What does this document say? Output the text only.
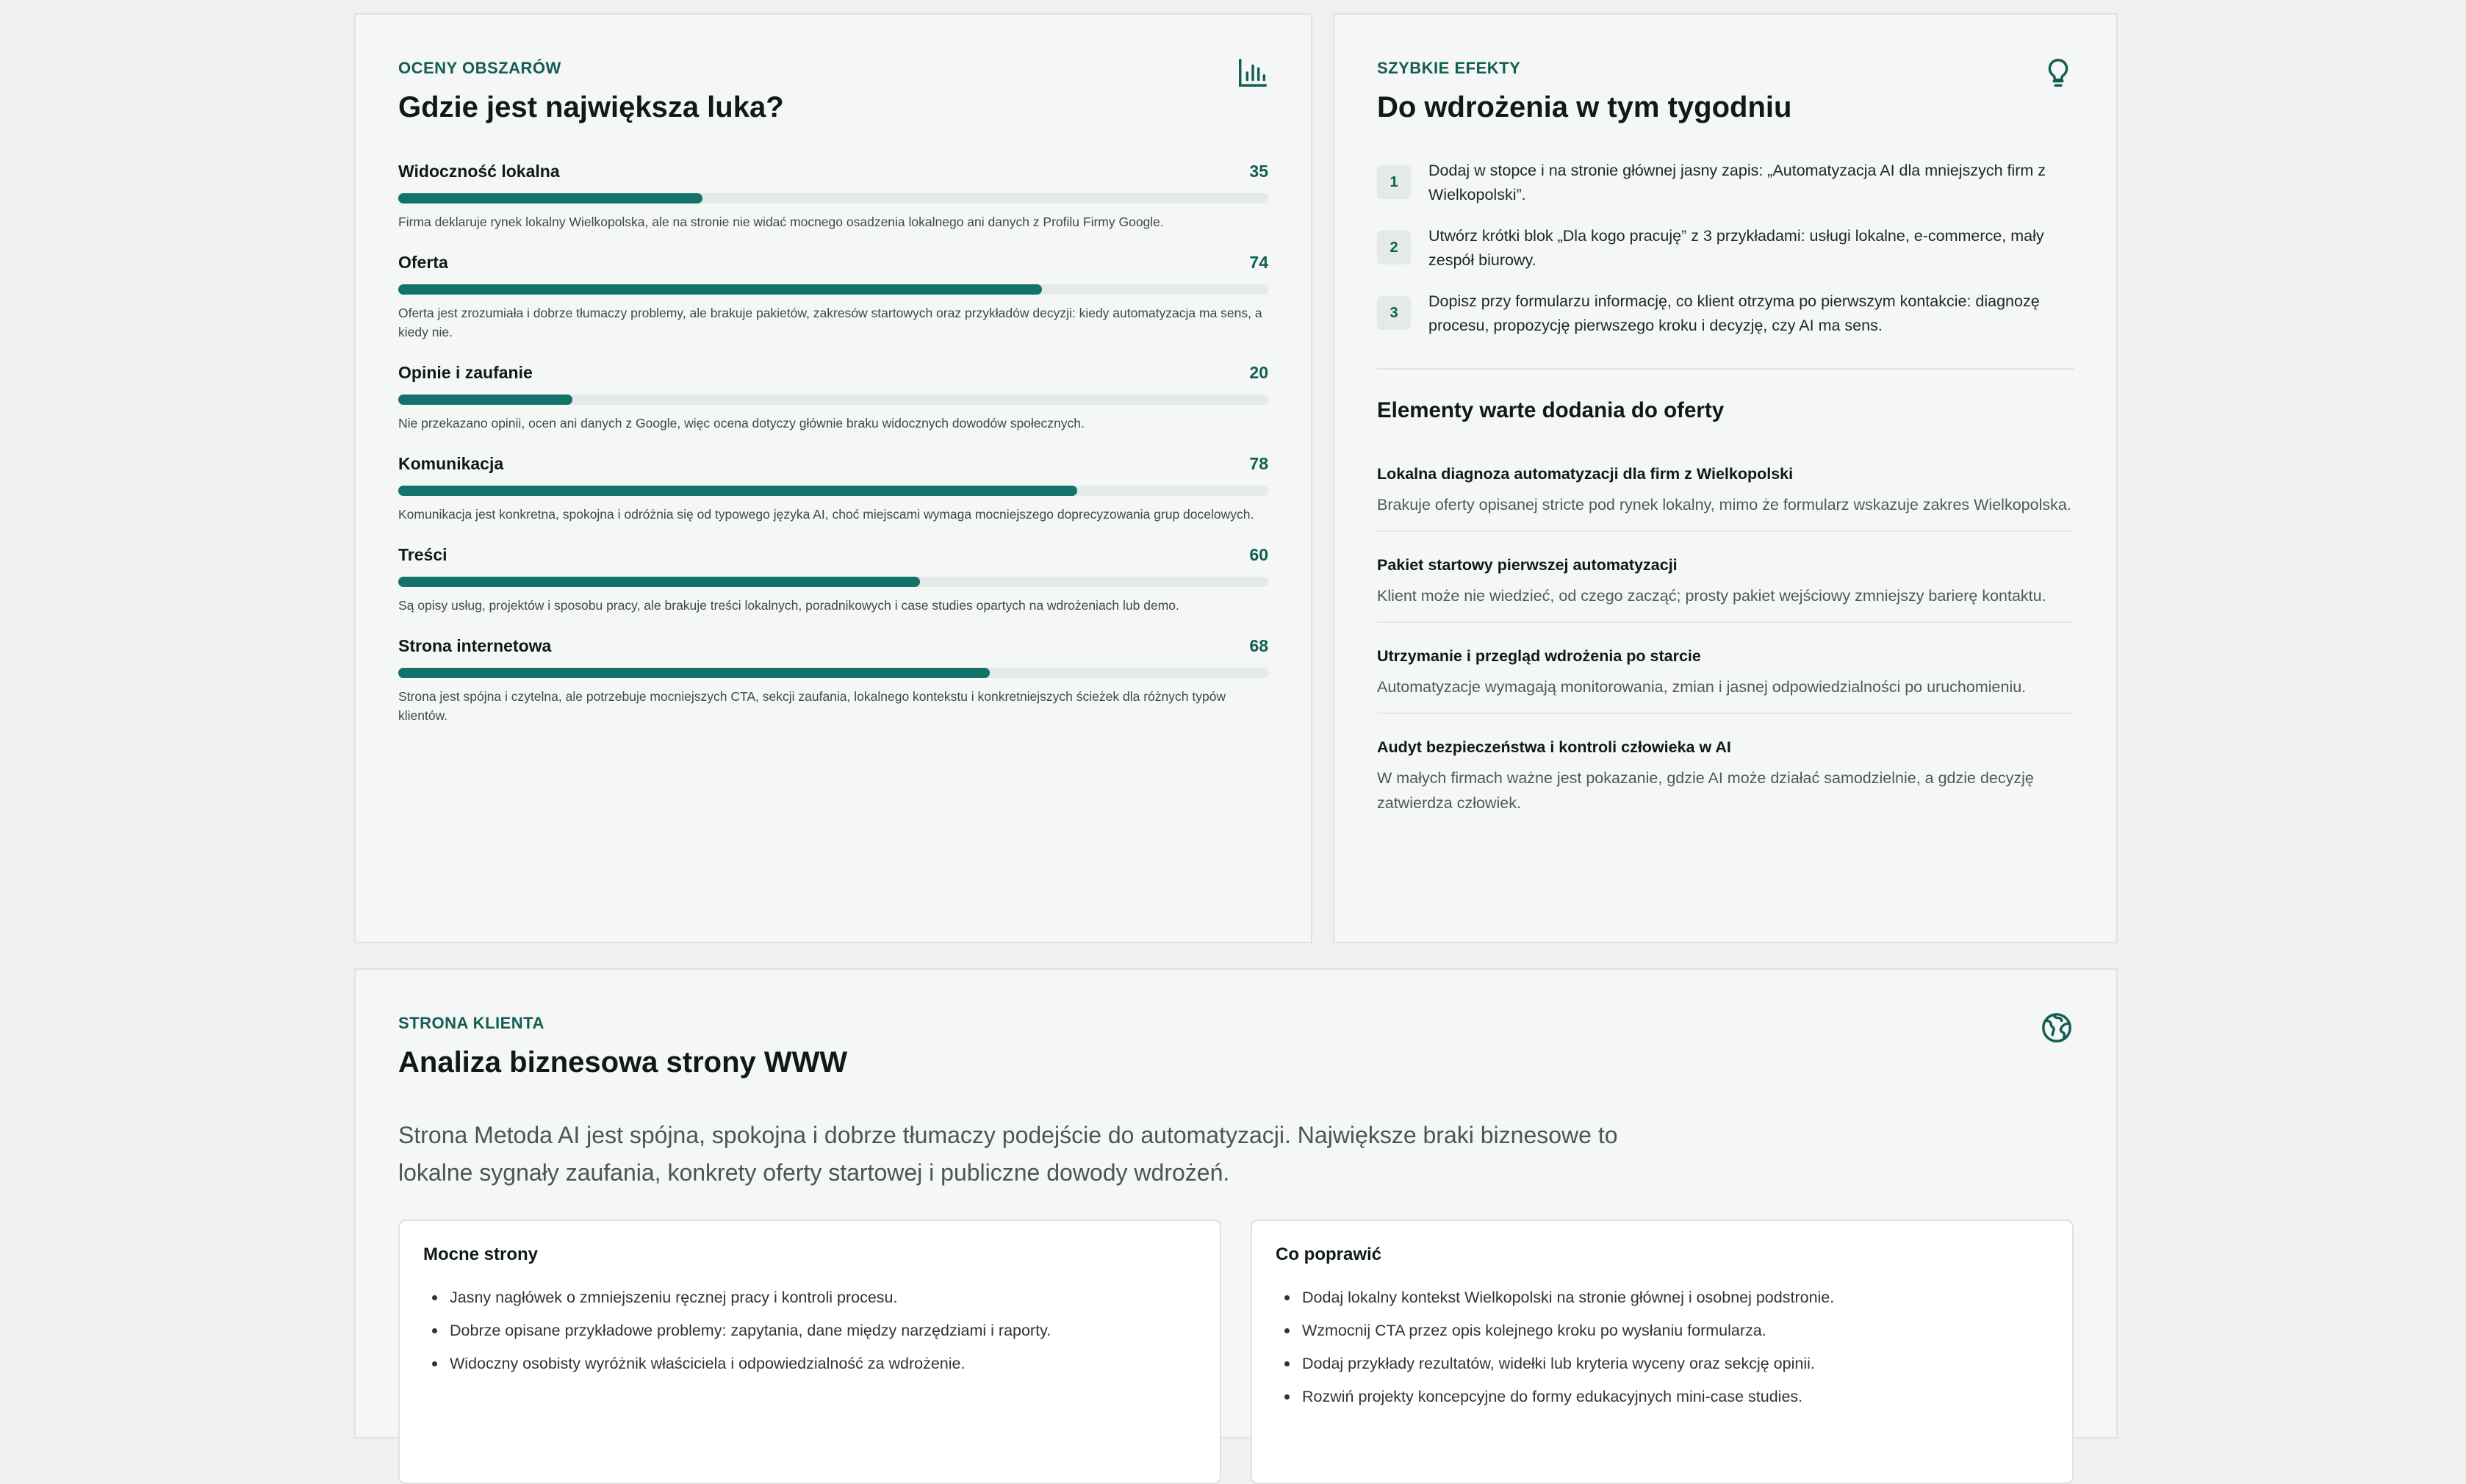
OCENY OBSZARÓW
Gdzie jest największa luka?
Widoczność lokalna	35
Firma deklaruje rynek lokalny Wielkopolska, ale na stronie nie widać mocnego osadzenia lokalnego ani danych z Profilu Firmy Google.
Oferta	74
Oferta jest zrozumiała i dobrze tłumaczy problemy, ale brakuje pakietów, zakresów startowych oraz przykładów decyzji: kiedy automatyzacja ma sens, a kiedy nie.
Opinie i zaufanie	20
Nie przekazano opinii, ocen ani danych z Google, więc ocena dotyczy głównie braku widocznych dowodów społecznych.
Komunikacja	78
Komunikacja jest konkretna, spokojna i odróżnia się od typowego języka AI, choć miejscami wymaga mocniejszego doprecyzowania grup docelowych.
Treści	60
Są opisy usług, projektów i sposobu pracy, ale brakuje treści lokalnych, poradnikowych i case studies opartych na wdrożeniach lub demo.
Strona internetowa	68
Strona jest spójna i czytelna, ale potrzebuje mocniejszych CTA, sekcji zaufania, lokalnego kontekstu i konkretniejszych ścieżek dla różnych typów klientów.
SZYBKIE EFEKTY
Do wdrożenia w tym tygodniu
1
Dodaj w stopce i na stronie głównej jasny zapis: „Automatyzacja AI dla mniejszych firm z Wielkopolski”.
2
Utwórz krótki blok „Dla kogo pracuję” z 3 przykładami: usługi lokalne, e-commerce, mały zespół biurowy.
3
Dopisz przy formularzu informację, co klient otrzyma po pierwszym kontakcie: diagnozę procesu, propozycję pierwszego kroku i decyzję, czy AI ma sens.
Elementy warte dodania do oferty
Lokalna diagnoza automatyzacji dla firm z Wielkopolski
Brakuje oferty opisanej stricte pod rynek lokalny, mimo że formularz wskazuje zakres Wielkopolska.
Pakiet startowy pierwszej automatyzacji
Klient może nie wiedzieć, od czego zacząć; prosty pakiet wejściowy zmniejszy barierę kontaktu.
Utrzymanie i przegląd wdrożenia po starcie
Automatyzacje wymagają monitorowania, zmian i jasnej odpowiedzialności po uruchomieniu.
Audyt bezpieczeństwa i kontroli człowieka w AI
W małych firmach ważne jest pokazanie, gdzie AI może działać samodzielnie, a gdzie decyzję zatwierdza człowiek.
STRONA KLIENTA
Analiza biznesowa strony WWW
Strona Metoda AI jest spójna, spokojna i dobrze tłumaczy podejście do automatyzacji. Największe braki biznesowe to lokalne sygnały zaufania, konkrety oferty startowej i publiczne dowody wdrożeń.
Mocne strony
Jasny nagłówek o zmniejszeniu ręcznej pracy i kontroli procesu.
Dobrze opisane przykładowe problemy: zapytania, dane między narzędziami i raporty.
Widoczny osobisty wyróżnik właściciela i odpowiedzialność za wdrożenie.
Co poprawić
Dodaj lokalny kontekst Wielkopolski na stronie głównej i osobnej podstronie.
Wzmocnij CTA przez opis kolejnego kroku po wysłaniu formularza.
Dodaj przykłady rezultatów, widełki lub kryteria wyceny oraz sekcję opinii.
Rozwiń projekty koncepcyjne do formy edukacyjnych mini-case studies.
